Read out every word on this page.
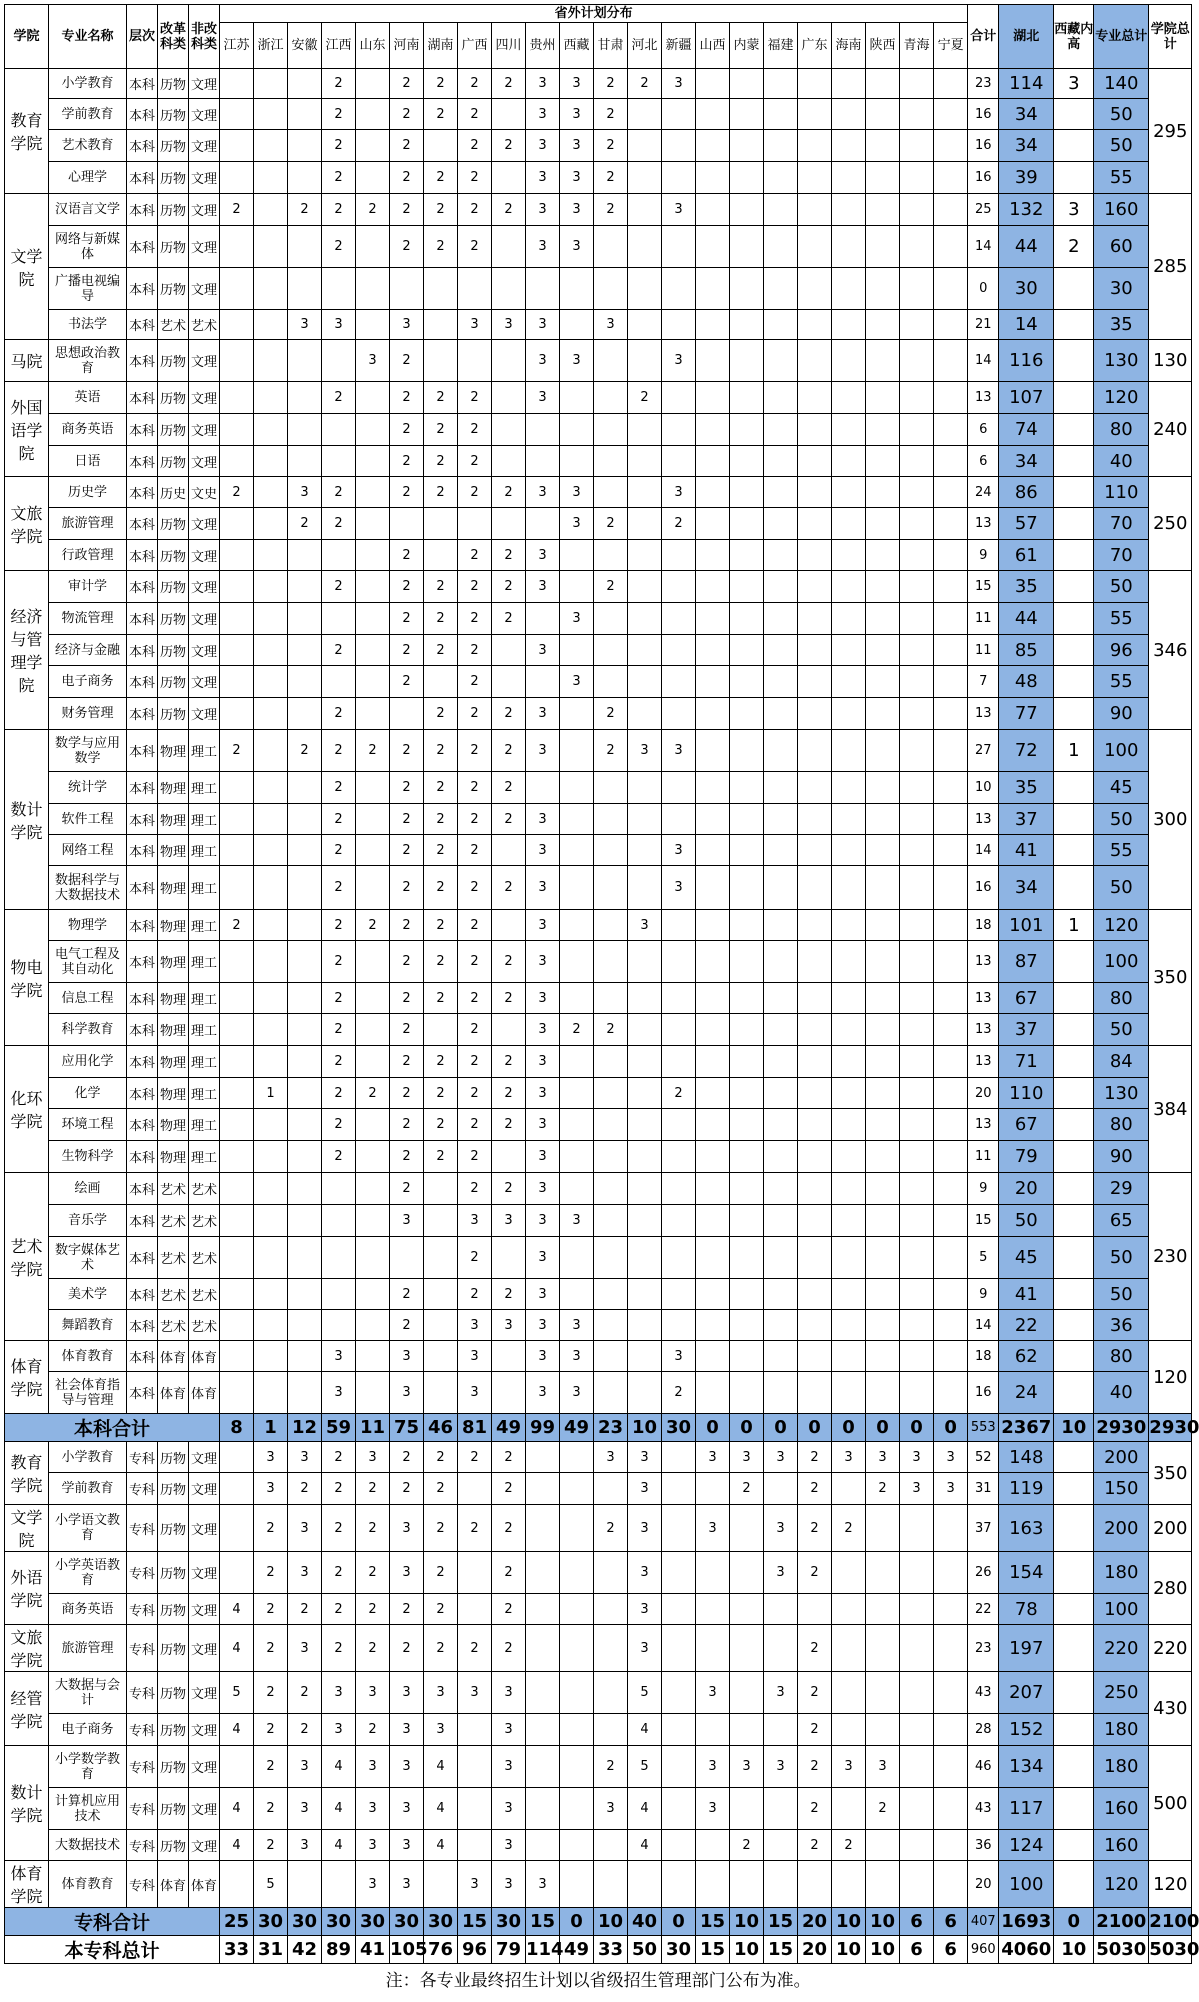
学院	专业名称	层次	改革科类	非改科类	省外计划分布																						合计	湖北	西藏内高	专业总计	学院总计
					江苏	浙江	安徽	江西	山东	河南	湖南	广西	四川	贵州	西藏	甘肃	河北	新疆	山西	内蒙	福建	广东	海南	陕西	青海	宁夏					
教育学院	小学教育	本科	历物	文理				2		2	2	2	2	3	3	2	2	3									23	114	3	140	295
	学前教育	本科	历物	文理				2		2	2	2		3	3	2											16	34		50	
	艺术教育	本科	历物	文理				2		2		2	2	3	3	2											16	34		50	
	心理学	本科	历物	文理				2		2	2	2		3	3	2											16	39		55	
文学院	汉语言文学	本科	历物	文理	2		2	2	2	2	2	2	2	3	3	2		3									25	132	3	160	285
	网络与新媒体	本科	历物	文理				2		2	2	2		3	3												14	44	2	60	
	广播电视编导	本科	历物	文理																							0	30		30	
	书法学	本科	艺术	艺术			3	3		3		3	3	3		3											21	14		35	
马院	思想政治教育	本科	历物	文理					3	2				3	3			3									14	116		130	130
外国语学院	英语	本科	历物	文理				2		2	2	2		3			2										13	107		120	240
	商务英语	本科	历物	文理						2	2	2															6	74		80	
	日语	本科	历物	文理						2	2	2															6	34		40	
文旅学院	历史学	本科	历史	文史	2		3	2		2	2	2	2	3	3			3									24	86		110	250
	旅游管理	本科	历物	文理			2	2							3	2		2									13	57		70	
	行政管理	本科	历物	文理						2		2	2	3													9	61		70	
经济与管理学院	审计学	本科	历物	文理				2		2	2	2	2	3		2											15	35		50	346
	物流管理	本科	历物	文理						2	2	2	2		3												11	44		55	
	经济与金融	本科	历物	文理				2		2	2	2		3													11	85		96	
	电子商务	本科	历物	文理						2		2			3												7	48		55	
	财务管理	本科	历物	文理				2			2	2	2	3		2											13	77		90	
数计学院	数学与应用数学	本科	物理	理工	2		2	2	2	2	2	2	2	3		2	3	3									27	72	1	100	300
	统计学	本科	物理	理工				2		2	2	2	2														10	35		45	
	软件工程	本科	物理	理工				2		2	2	2	2	3													13	37		50	
	网络工程	本科	物理	理工				2		2	2	2		3				3									14	41		55	
	数据科学与大数据技术	本科	物理	理工				2		2	2	2	2	3				3									16	34		50	
物电学院	物理学	本科	物理	理工	2			2	2	2	2	2		3			3										18	101	1	120	350
	电气工程及其自动化	本科	物理	理工				2		2	2	2	2	3													13	87		100	
	信息工程	本科	物理	理工				2		2	2	2	2	3													13	67		80	
	科学教育	本科	物理	理工				2		2		2		3	2	2											13	37		50	
化环学院	应用化学	本科	物理	理工				2		2	2	2	2	3													13	71		84	384
	化学	本科	物理	理工		1		2	2	2	2	2	2	3				2									20	110		130	
	环境工程	本科	物理	理工				2		2	2	2	2	3													13	67		80	
	生物科学	本科	物理	理工				2		2	2	2		3													11	79		90	
艺术学院	绘画	本科	艺术	艺术						2		2	2	3													9	20		29	230
	音乐学	本科	艺术	艺术						3		3	3	3	3												15	50		65	
	数字媒体艺术	本科	艺术	艺术								2		3													5	45		50	
	美术学	本科	艺术	艺术						2		2	2	3													9	41		50	
	舞蹈教育	本科	艺术	艺术						2		3	3	3	3												14	22		36	
体育学院	体育教育	本科	体育	体育				3		3		3		3	3			3									18	62		80	120
	社会体育指导与管理	本科	体育	体育				3		3		3		3	3			2									16	24		40	
本科合计					8	1	12	59	11	75	46	81	49	99	49	23	10	30	0	0	0	0	0	0	0	0	553	2367	10	2930	2930
教育学院	小学教育	专科	历物	文理		3	3	2	3	2	2	2	2			3	3		3	3	3	2	3	3	3	3	52	148		200	350
	学前教育	专科	历物	文理		3	2	2	2	2	2		2				3			2		2		2	3	3	31	119		150	
文学院	小学语文教育	专科	历物	文理		2	3	2	2	3	2	2	2			2	3		3		3	2	2				37	163		200	200
外语学院	小学英语教育	专科	历物	文理		2	3	2	2	3	2		2				3				3	2					26	154		180	280
	商务英语	专科	历物	文理	4	2	2	2	2	2	2		2				3										22	78		100	
文旅学院	旅游管理	专科	历物	文理	4	2	3	2	2	2	2	2	2				3					2					23	197		220	220
经管学院	大数据与会计	专科	历物	文理	5	2	2	3	3	3	3	3	3				5		3		3	2					43	207		250	430
	电子商务	专科	历物	文理	4	2	2	3	2	3	3		3				4					2					28	152		180	
数计学院	小学数学教育	专科	历物	文理		2	3	4	3	3	4		3			2	5		3	3	3	2	3	3			46	134		180	500
	计算机应用技术	专科	历物	文理	4	2	3	4	3	3	4		3			3	4		3			2		2			43	117		160	
	大数据技术	专科	历物	文理	4	2	3	4	3	3	4		3				4			2		2	2				36	124		160	
体育学院	体育教育	专科	体育	体育		5			3	3		3	3	3													20	100		120	120
专科合计					25	30	30	30	30	30	30	15	30	15	0	10	40	0	15	10	15	20	10	10	6	6	407	1693	0	2100	2100
本专科总计					33	31	42	89	41	105	76	96	79	114	49	33	50	30	15	10	15	20	10	10	6	6	960	4060	10	5030	5030
注：各专业最终招生计划以省级招生管理部门公布为准。																															
